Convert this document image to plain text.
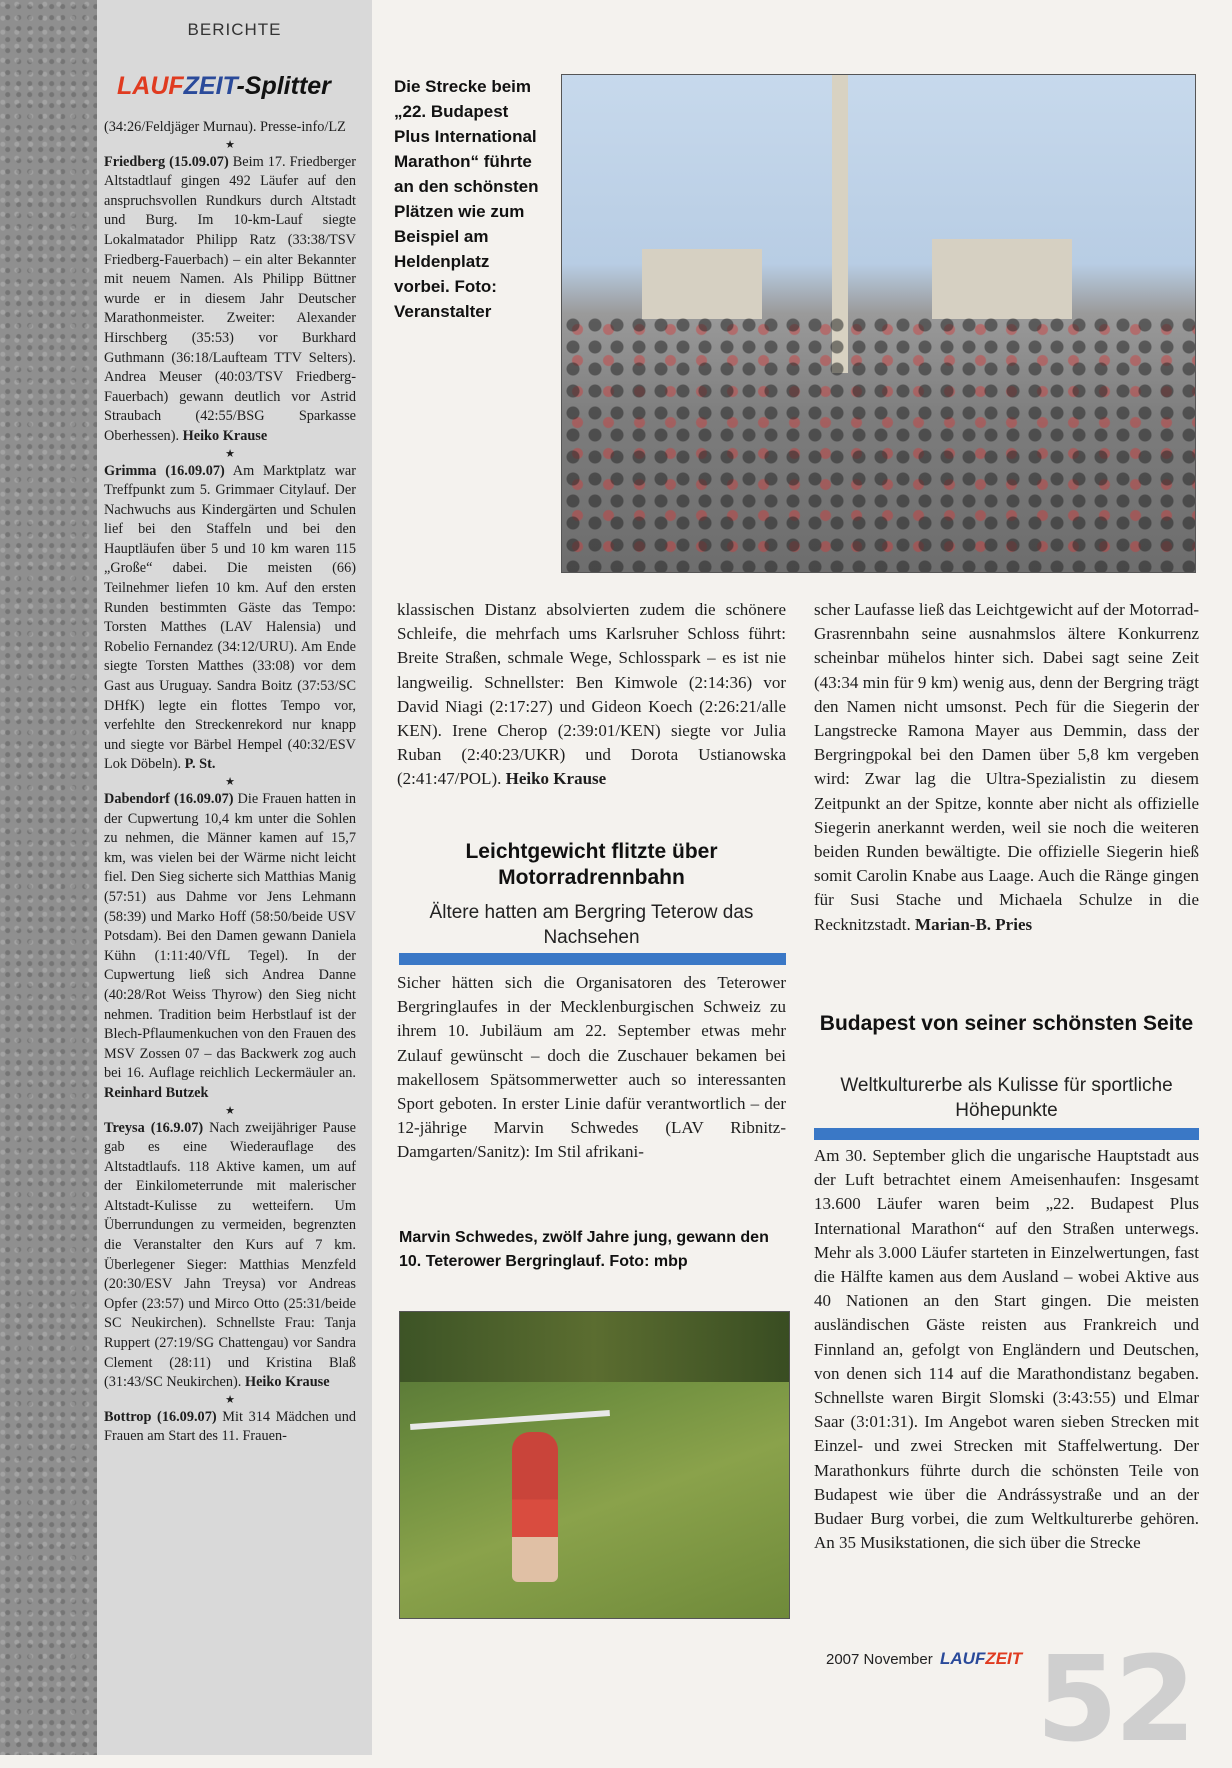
BERICHTE
LAUFZEIT-Splitter

(34:26/Feldjäger Murnau). Presse-info/LZ

★

Friedberg (15.09.07) Beim 17. Friedberger Altstadtlauf gingen 492 Läufer auf den anspruchsvollen Rundkurs durch Altstadt und Burg. Im 10-km-Lauf siegte Lokalmatador Philipp Ratz (33:38/TSV Friedberg-Fauerbach) – ein alter Bekannter mit neuem Namen. Als Philipp Büttner wurde er in diesem Jahr Deutscher Marathonmeister. Zweiter: Alexander Hirschberg (35:53) vor Burkhard Guthmann (36:18/Laufteam TTV Selters). Andrea Meuser (40:03/TSV Friedberg-Fauerbach) gewann deutlich vor Astrid Straubach (42:55/BSG Sparkasse Oberhessen). Heiko Krause

★

Grimma (16.09.07) Am Marktplatz war Treffpunkt zum 5. Grimmaer Citylauf. Der Nachwuchs aus Kindergärten und Schulen lief bei den Staffeln und bei den Hauptläufen über 5 und 10 km waren 115 „Große“ dabei. Die meisten (66) Teilnehmer liefen 10 km. Auf den ersten Runden bestimmten Gäste das Tempo: Torsten Matthes (LAV Halensia) und Robelio Fernandez (34:12/URU). Am Ende siegte Torsten Matthes (33:08) vor dem Gast aus Uruguay. Sandra Boitz (37:53/SC DHfK) legte ein flottes Tempo vor, verfehlte den Streckenrekord nur knapp und siegte vor Bärbel Hempel (40:32/ESV Lok Döbeln). P. St.

★

Dabendorf (16.09.07) Die Frauen hatten in der Cupwertung 10,4 km unter die Sohlen zu nehmen, die Männer kamen auf 15,7 km, was vielen bei der Wärme nicht leicht fiel. Den Sieg sicherte sich Matthias Manig (57:51) aus Dahme vor Jens Lehmann (58:39) und Marko Hoff (58:50/beide USV Potsdam). Bei den Damen gewann Daniela Kühn (1:11:40/VfL Tegel). In der Cupwertung ließ sich Andrea Danne (40:28/Rot Weiss Thyrow) den Sieg nicht nehmen. Tradition beim Herbstlauf ist der Blech-Pflaumenkuchen von den Frauen des MSV Zossen 07 – das Backwerk zog auch bei 16. Auflage reichlich Leckermäuler an. Reinhard Butzek

★

Treysa (16.9.07) Nach zweijähriger Pause gab es eine Wiederauflage des Altstadtlaufs. 118 Aktive kamen, um auf der Einkilometerrunde mit malerischer Altstadt-Kulisse zu wetteifern. Um Überrundungen zu vermeiden, begrenzten die Veranstalter den Kurs auf 7 km. Überlegener Sieger: Matthias Menzfeld (20:30/ESV Jahn Treysa) vor Andreas Opfer (23:57) und Mirco Otto (25:31/beide SC Neukirchen). Schnellste Frau: Tanja Ruppert (27:19/SG Chattengau) vor Sandra Clement (28:11) und Kristina Blaß (31:43/SC Neukirchen). Heiko Krause

★

Bottrop (16.09.07) Mit 314 Mädchen und Frauen am Start des 11. Frauen-

Die Strecke beim „22. Budapest Plus International Marathon“ führte an den schönsten Plätzen wie zum Beispiel am Heldenplatz vorbei. Foto: Veranstalter

klassischen Distanz absolvierten zudem die schönere Schleife, die mehrfach ums Karlsruher Schloss führt: Breite Straßen, schmale Wege, Schlosspark – es ist nie langweilig. Schnellster: Ben Kimwole (2:14:36) vor David Niagi (2:17:27) und Gideon Koech (2:26:21/alle KEN). Irene Cherop (2:39:01/KEN) siegte vor Julia Ruban (2:40:23/UKR) und Dorota Ustianowska (2:41:47/POL). Heiko Krause

Leichtgewicht flitzte über Motorradrennbahn
Ältere hatten am Bergring Teterow das Nachsehen

Sicher hätten sich die Organisatoren des Teterower Bergringlaufes in der Mecklenburgischen Schweiz zu ihrem 10. Jubiläum am 22. September etwas mehr Zulauf gewünscht – doch die Zuschauer bekamen bei makellosem Spätsommerwetter auch so interessanten Sport geboten. In erster Linie dafür verantwortlich – der 12-jährige Marvin Schwedes (LAV Ribnitz-Damgarten/Sanitz): Im Stil afrikani-

Marvin Schwedes, zwölf Jahre jung, gewann den 10. Teterower Bergringlauf. Foto: mbp

scher Laufasse ließ das Leichtgewicht auf der Motorrad-Grasrennbahn seine ausnahmslos ältere Konkurrenz scheinbar mühelos hinter sich. Dabei sagt seine Zeit (43:34 min für 9 km) wenig aus, denn der Bergring trägt den Namen nicht umsonst. Pech für die Siegerin der Langstrecke Ramona Mayer aus Demmin, dass der Bergringpokal bei den Damen über 5,8 km vergeben wird: Zwar lag die Ultra-Spezialistin zu diesem Zeitpunkt an der Spitze, konnte aber nicht als offizielle Siegerin anerkannt werden, weil sie noch die weiteren beiden Runden bewältigte. Die offizielle Siegerin hieß somit Carolin Knabe aus Laage. Auch die Ränge gingen für Susi Stache und Michaela Schulze in die Recknitzstadt. Marian-B. Pries

Budapest von seiner schönsten Seite
Weltkulturerbe als Kulisse für sportliche Höhepunkte

Am 30. September glich die ungarische Hauptstadt aus der Luft betrachtet einem Ameisenhaufen: Insgesamt 13.600 Läufer waren beim „22. Budapest Plus International Marathon“ auf den Straßen unterwegs. Mehr als 3.000 Läufer starteten in Einzelwertungen, fast die Hälfte kamen aus dem Ausland – wobei Aktive aus 40 Nationen an den Start gingen. Die meisten ausländischen Gäste reisten aus Frankreich und Finnland an, gefolgt von Engländern und Deutschen, von denen sich 114 auf die Marathondistanz begaben. Schnellste waren Birgit Slomski (3:43:55) und Elmar Saar (3:01:31). Im Angebot waren sieben Strecken mit Einzel- und zwei Strecken mit Staffelwertung. Der Marathonkurs führte durch die schönsten Teile von Budapest wie über die Andrássystraße und an der Budaer Burg vorbei, die zum Weltkulturerbe gehören. An 35 Musikstationen, die sich über die Strecke

2007 November LAUFZEIT 52
